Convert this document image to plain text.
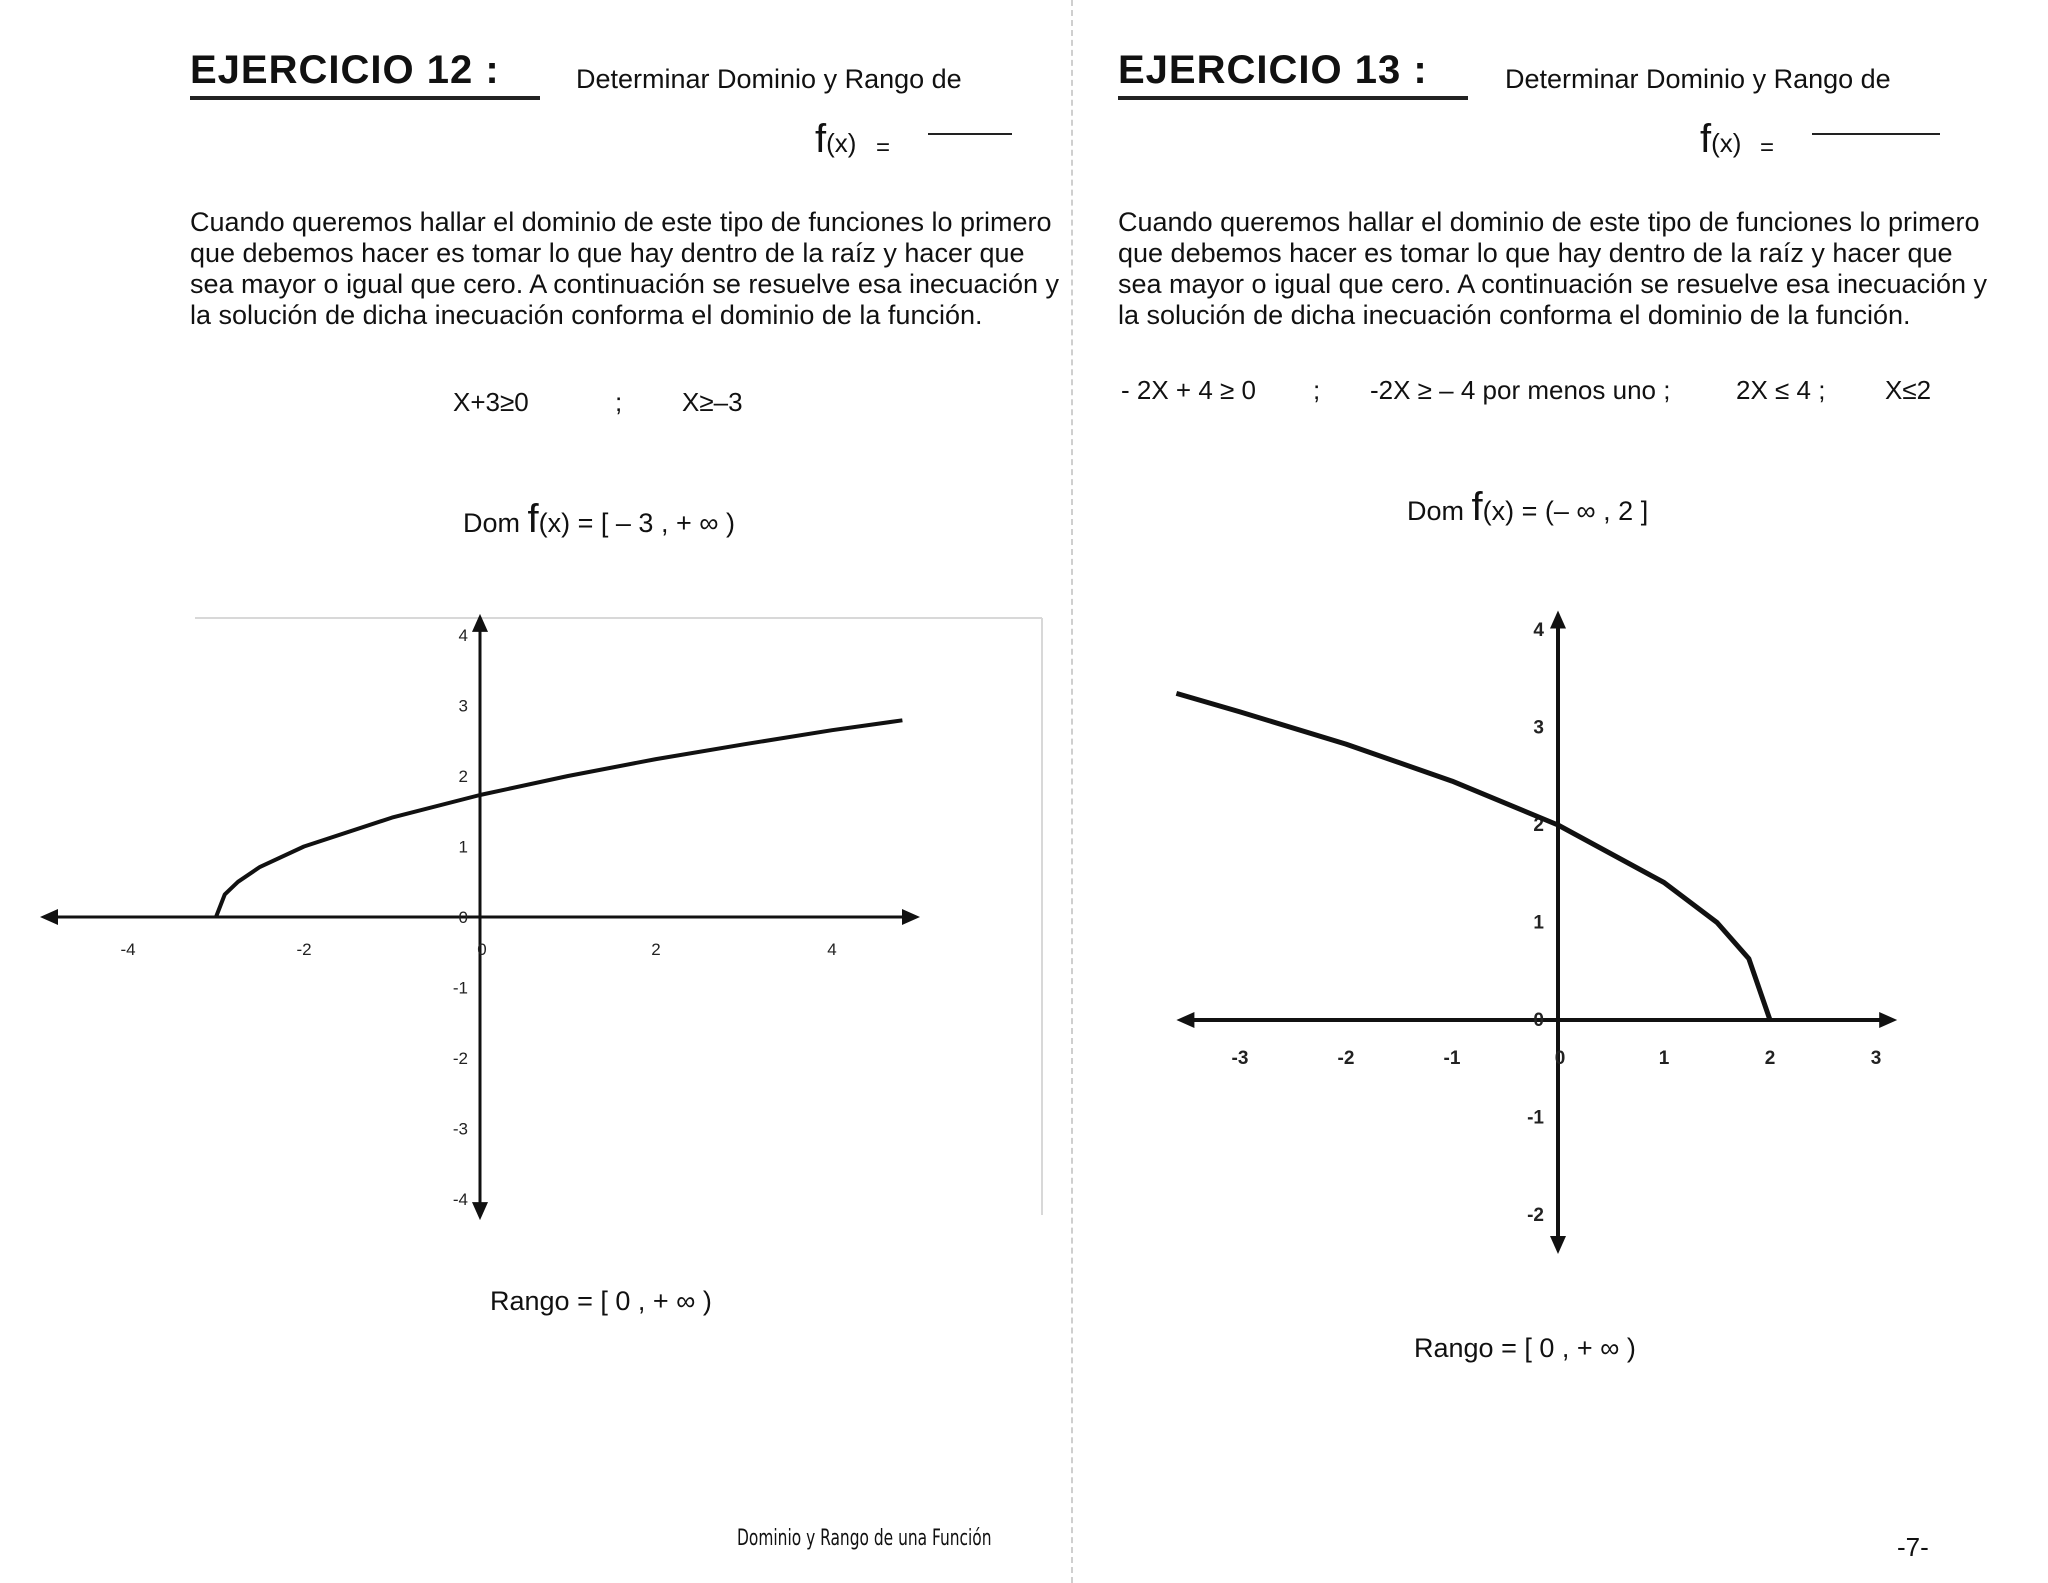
EJERCICIO 12 :	Determinar Dominio y Rango de
f(x) =
Cuando queremos hallar el dominio de este tipo de funciones lo primero
que debemos hacer es tomar lo que hay dentro de la raíz y hacer que
sea mayor o igual que cero. A continuación se resuelve esa inecuación y
la solución de dicha inecuación conforma el dominio de la función.
X+3≥0	; X≥–3
Dom f(x) = [ – 3 , + ∞ )
-4	-2	0	2	4
4
3
2
1
0
-1
-2
-3
-4
Rango = [ 0 , + ∞ )
EJERCICIO 13 :	Determinar Dominio y Rango de
f(x) =
Cuando queremos hallar el dominio de este tipo de funciones lo primero
que debemos hacer es tomar lo que hay dentro de la raíz y hacer que
sea mayor o igual que cero. A continuación se resuelve esa inecuación y
la solución de dicha inecuación conforma el dominio de la función.
- 2X + 4 ≥ 0 ; -2X ≥ – 4 por menos uno ;	2X ≤ 4 ; X≤2
Dom f(x) = (– ∞ , 2 ]
-3	-2	-1	0	1	2	3
4
3
2
1
0
-1
-2
Rango = [ 0 , + ∞ )
Dominio y Rango de una Función	-7-
